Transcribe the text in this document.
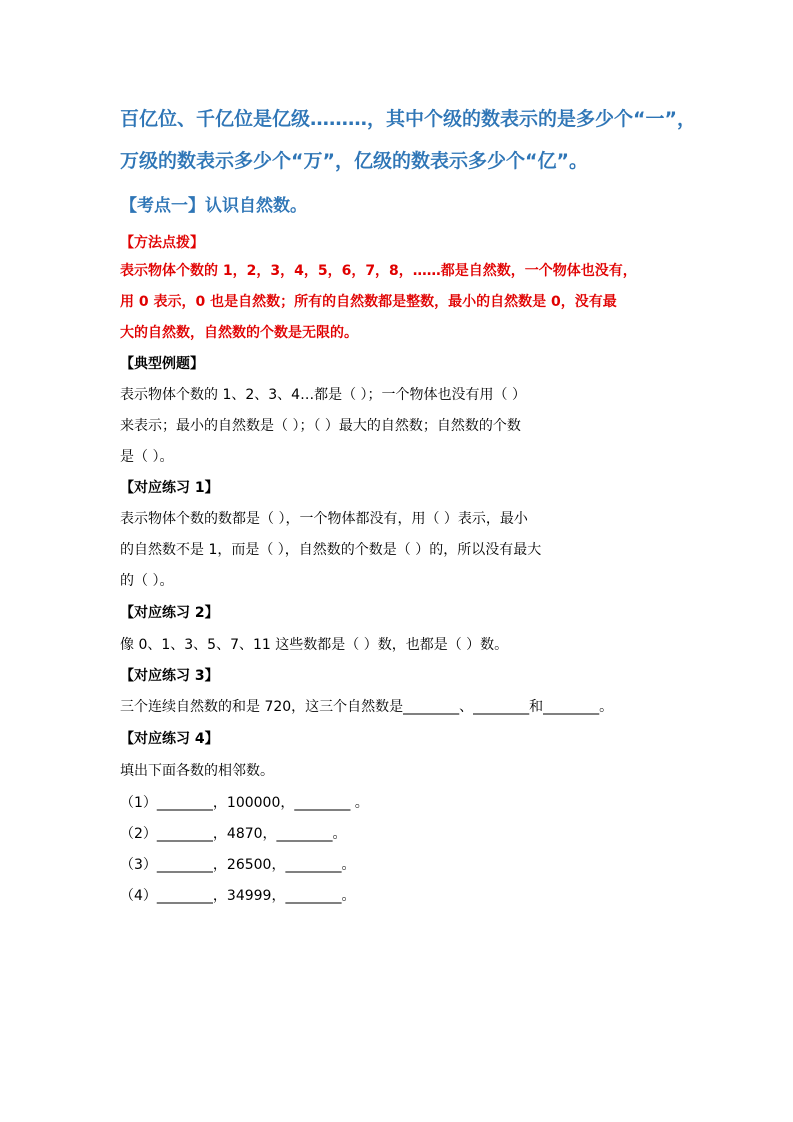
百亿位、千亿位是亿级………，其中个级的数表示的是多少个“一”，
万级的数表示多少个“万”，亿级的数表示多少个“亿”。
【考点一】认识自然数。
【方法点拨】
表示物体个数的 1，2，3，4，5，6，7，8，……都是自然数，一个物体也没有，
用 0 表示，0 也是自然数；所有的自然数都是整数，最小的自然数是 0，没有最
大的自然数，自然数的个数是无限的。
【典型例题】
表示物体个数的 1、2、3、4…都是（ ）；一个物体也没有用（ ）
来表示；最小的自然数是（ ）；（ ）最大的自然数；自然数的个数
是（ ）。
【对应练习 1】
表示物体个数的数都是（ ），一个物体都没有，用（ ）表示，最小
的自然数不是 1，而是（ ），自然数的个数是（ ）的，所以没有最大
的（ ）。
【对应练习 2】
像 0、1、3、5、7、11 这些数都是（ ）数，也都是（ ）数。
【对应练习 3】
三个连续自然数的和是 720，这三个自然数是________、________和________。
【对应练习 4】
填出下面各数的相邻数。
（1）________，100000，________ 。
（2）________，4870，________。
（3）________，26500，________。
（4）________，34999，________。
